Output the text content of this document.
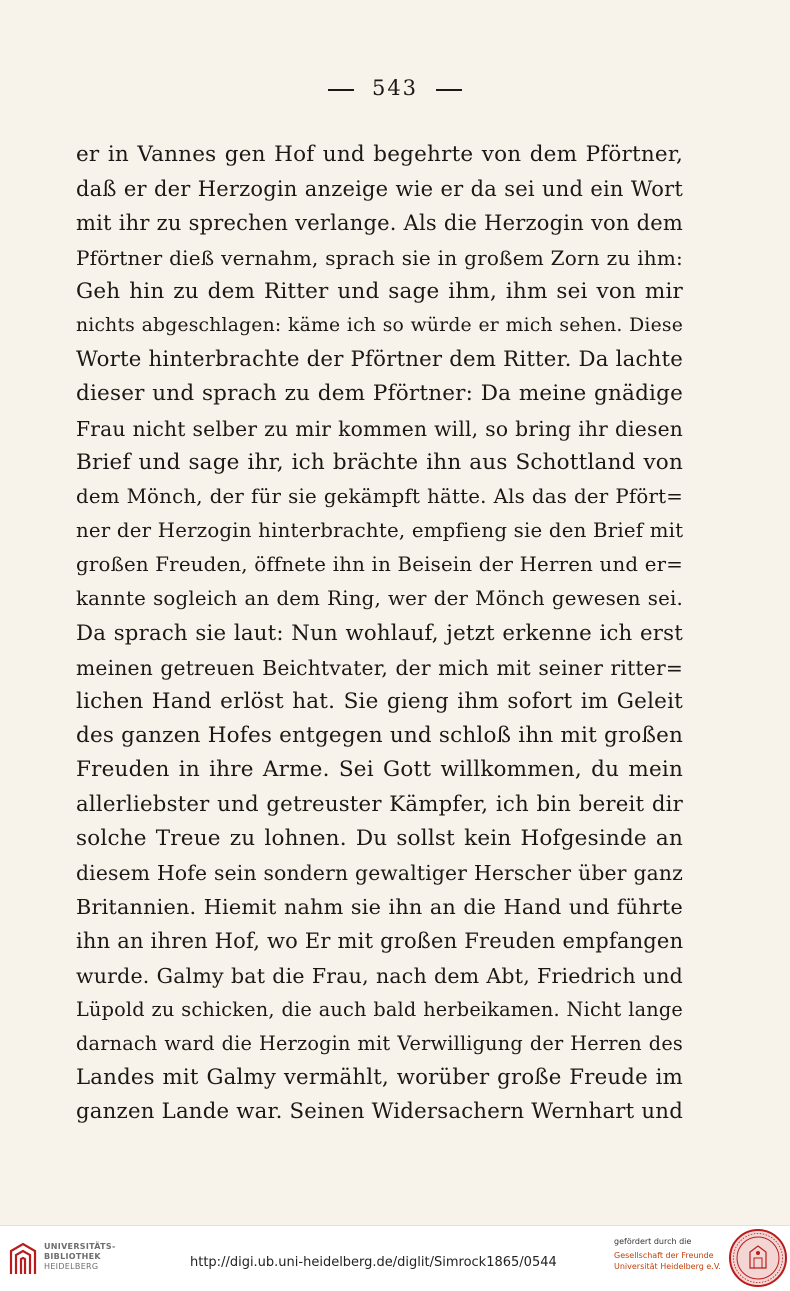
543
er in Vannes gen Hof und begehrte von dem Pförtner,
daß er der Herzogin anzeige wie er da sei und ein Wort
mit ihr zu sprechen verlange. Als die Herzogin von dem
Pförtner dieß vernahm, sprach sie in großem Zorn zu ihm:
Geh hin zu dem Ritter und sage ihm, ihm sei von mir
nichts abgeschlagen: käme ich so würde er mich sehen. Diese
Worte hinterbrachte der Pförtner dem Ritter. Da lachte
dieser und sprach zu dem Pförtner: Da meine gnädige
Frau nicht selber zu mir kommen will, so bring ihr diesen
Brief und sage ihr, ich brächte ihn aus Schottland von
dem Mönch, der für sie gekämpft hätte. Als das der Pfört=
ner der Herzogin hinterbrachte, empfieng sie den Brief mit
großen Freuden, öffnete ihn in Beisein der Herren und er=
kannte sogleich an dem Ring, wer der Mönch gewesen sei.
Da sprach sie laut: Nun wohlauf, jetzt erkenne ich erst
meinen getreuen Beichtvater, der mich mit seiner ritter=
lichen Hand erlöst hat. Sie gieng ihm sofort im Geleit
des ganzen Hofes entgegen und schloß ihn mit großen
Freuden in ihre Arme. Sei Gott willkommen, du mein
allerliebster und getreuster Kämpfer, ich bin bereit dir
solche Treue zu lohnen. Du sollst kein Hofgesinde an
diesem Hofe sein sondern gewaltiger Herscher über ganz
Britannien. Hiemit nahm sie ihn an die Hand und führte
ihn an ihren Hof, wo Er mit großen Freuden empfangen
wurde. Galmy bat die Frau, nach dem Abt, Friedrich und
Lüpold zu schicken, die auch bald herbeikamen. Nicht lange
darnach ward die Herzogin mit Verwilligung der Herren des
Landes mit Galmy vermählt, worüber große Freude im
ganzen Lande war. Seinen Widersachern Wernhart und
UNIVERSITÄTS-
BIBLIOTHEK
HEIDELBERG	http://digi.ub.uni-heidelberg.de/diglit/Simrock1865/0544
gefördert durch die
Gesellschaft der Freunde
Universität Heidelberg e.V.
